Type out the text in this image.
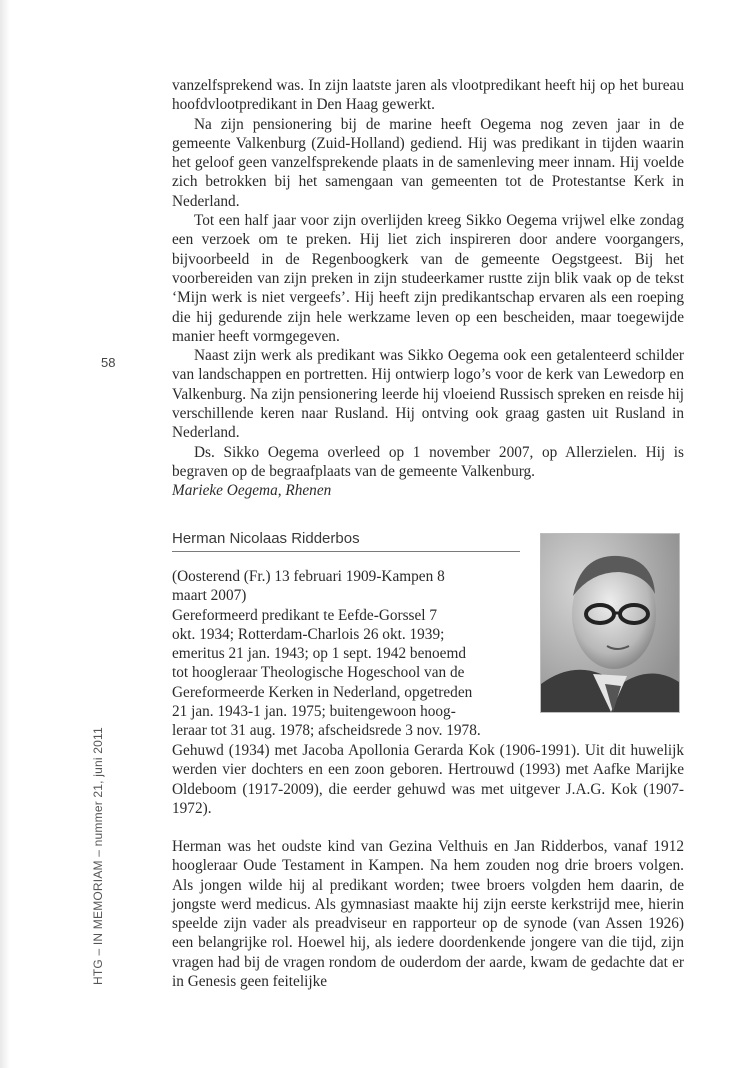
58
HTG – IN MEMORIAM – nummer 21, juni 2011

vanzelfsprekend was. In zijn laatste jaren als vlootpredikant heeft hij op het bureau hoofdvlootpredikant in Den Haag gewerkt.

Na zijn pensionering bij de marine heeft Oegema nog zeven jaar in de gemeente Valkenburg (Zuid-Holland) gediend. Hij was predikant in tijden waarin het geloof geen vanzelfsprekende plaats in de samenleving meer innam. Hij voelde zich betrokken bij het samengaan van gemeenten tot de Protestantse Kerk in Nederland.

Tot een half jaar voor zijn overlijden kreeg Sikko Oegema vrijwel elke zondag een verzoek om te preken. Hij liet zich inspireren door andere voorgangers, bijvoorbeeld in de Regenboogkerk van de gemeente Oegstgeest. Bij het voorbereiden van zijn preken in zijn studeerkamer rustte zijn blik vaak op de tekst ‘Mijn werk is niet vergeefs’. Hij heeft zijn predikantschap ervaren als een roeping die hij gedurende zijn hele werkzame leven op een bescheiden, maar toegewijde manier heeft vormgegeven.

Naast zijn werk als predikant was Sikko Oegema ook een getalenteerd schilder van landschappen en portretten. Hij ontwierp logo’s voor de kerk van Lewedorp en Valkenburg. Na zijn pensionering leerde hij vloeiend Russisch spreken en reisde hij verschillende keren naar Rusland. Hij ontving ook graag gasten uit Rusland in Nederland.

Ds. Sikko Oegema overleed op 1 november 2007, op Allerzielen. Hij is begraven op de begraafplaats van de gemeente Valkenburg.

Marieke Oegema, Rhenen

Herman Nicolaas Ridderbos

(Oosterend (Fr.) 13 februari 1909-Kampen 8

maart 2007)

Gereformeerd predikant te Eefde-Gorssel 7

okt. 1934; Rotterdam-Charlois 26 okt. 1939;

emeritus 21 jan. 1943; op 1 sept. 1942 benoemd

tot hoogleraar Theologische Hogeschool van de

Gereformeerde Kerken in Nederland, opgetreden

21 jan. 1943-1 jan. 1975; buitengewoon hoog-

leraar tot 31 aug. 1978; afscheidsrede 3 nov. 1978.

Gehuwd (1934) met Jacoba Apollonia Gerarda Kok (1906-1991). Uit dit huwelijk werden vier dochters en een zoon geboren. Hertrouwd (1993) met Aafke Marijke Oldeboom (1917-2009), die eerder gehuwd was met uitgever J.A.G. Kok (1907-1972).

Herman was het oudste kind van Gezina Velthuis en Jan Ridderbos, vanaf 1912 hoogleraar Oude Testament in Kampen. Na hem zouden nog drie broers volgen. Als jongen wilde hij al predikant worden; twee broers volgden hem daarin, de jongste werd medicus. Als gymnasiast maakte hij zijn eerste kerkstrijd mee, hierin speelde zijn vader als preadviseur en rapporteur op de synode (van Assen 1926) een belangrijke rol. Hoewel hij, als iedere doordenkende jongere van die tijd, zijn vragen had bij de vragen rondom de ouderdom der aarde, kwam de gedachte dat er in Genesis geen feitelijke
